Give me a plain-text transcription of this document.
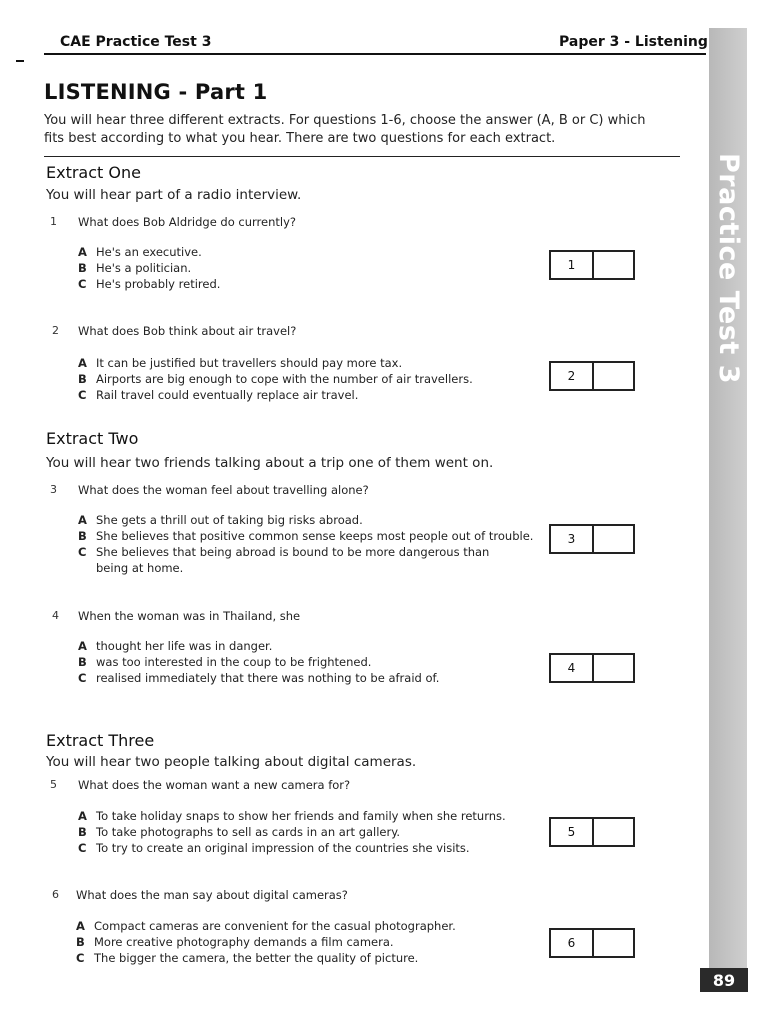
CAE Practice Test 3	Paper 3 - Listening
LISTENING - Part 1
You will hear three different extracts. For questions 1-6, choose the answer (A, B or C) which
fits best according to what you hear. There are two questions for each extract.
Extract One
You will hear part of a radio interview.
1 What does Bob Aldridge do currently?
A He's an executive.
B He's a politician.
C He's probably retired.
1
2 What does Bob think about air travel?
A It can be justified but travellers should pay more tax.
B Airports are big enough to cope with the number of air travellers.
C Rail travel could eventually replace air travel.
2
Extract Two
You will hear two friends talking about a trip one of them went on.
3 What does the woman feel about travelling alone?
A She gets a thrill out of taking big risks abroad.
B She believes that positive common sense keeps most people out of trouble.
C She believes that being abroad is bound to be more dangerous than
being at home.
3
4 When the woman was in Thailand, she
A thought her life was in danger.
B was too interested in the coup to be frightened.
C realised immediately that there was nothing to be afraid of.
4
Extract Three
You will hear two people talking about digital cameras.
5 What does the woman want a new camera for?
A To take holiday snaps to show her friends and family when she returns.
B To take photographs to sell as cards in an art gallery.
C To try to create an original impression of the countries she visits.
5
6 What does the man say about digital cameras?
A Compact cameras are convenient for the casual photographer.
B More creative photography demands a film camera.
C The bigger the camera, the better the quality of picture.
6
Practice Test 3
89
